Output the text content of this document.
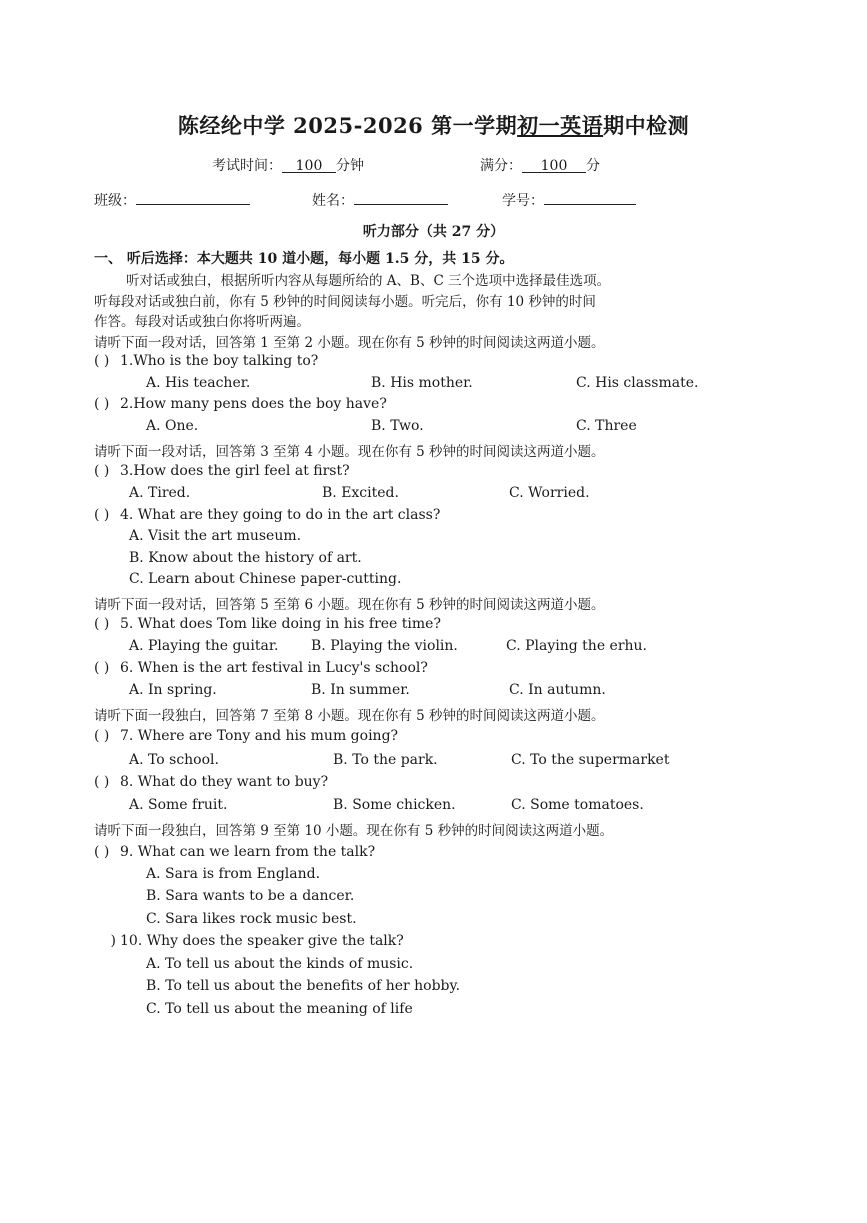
陈经纶中学 2025-2026 第一学期初一英语期中检测
考试时间： 100 分钟	满分： 100 分
班级：	姓名：	学号：
听力部分（共 27 分）
一、 听后选择：本大题共 10 道小题，每小题 1.5 分，共 15 分。
听对话或独白，根据所听内容从每题所给的 A、B、C 三个选项中选择最佳选项。
听每段对话或独白前，你有 5 秒钟的时间阅读每小题。听完后，你有 10 秒钟的时间
作答。每段对话或独白你将听两遍。
请听下面一段对话，回答第 1 至第 2 小题。现在你有 5 秒钟的时间阅读这两道小题。
( ) 1.Who is the boy talking to?
A. His teacher.	B. His mother.	C. His classmate.
( ) 2.How many pens does the boy have?
A. One.	B. Two.	C. Three
请听下面一段对话，回答第 3 至第 4 小题。现在你有 5 秒钟的时间阅读这两道小题。
( ) 3.How does the girl feel at first?
A. Tired.	B. Excited.	C. Worried.
( ) 4. What are they going to do in the art class?
A. Visit the art museum.
B. Know about the history of art.
C. Learn about Chinese paper-cutting.
请听下面一段对话，回答第 5 至第 6 小题。现在你有 5 秒钟的时间阅读这两道小题。
( ) 5. What does Tom like doing in his free time?
A. Playing the guitar. B. Playing the violin.	C. Playing the erhu.
( ) 6. When is the art festival in Lucy's school?
A. In spring.	B. In summer.	C. In autumn.
请听下面一段独白，回答第 7 至第 8 小题。现在你有 5 秒钟的时间阅读这两道小题。
( ) 7. Where are Tony and his mum going?
A. To school.	B. To the park.	C. To the supermarket
( ) 8. What do they want to buy?
A. Some fruit.	B. Some chicken.	C. Some tomatoes.
请听下面一段独白，回答第 9 至第 10 小题。现在你有 5 秒钟的时间阅读这两道小题。
( ) 9. What can we learn from the talk?
A. Sara is from England.
B. Sara wants to be a dancer.
C. Sara likes rock music best.
) 10. Why does the speaker give the talk?
A. To tell us about the kinds of music.
B. To tell us about the benefits of her hobby.
C. To tell us about the meaning of life
